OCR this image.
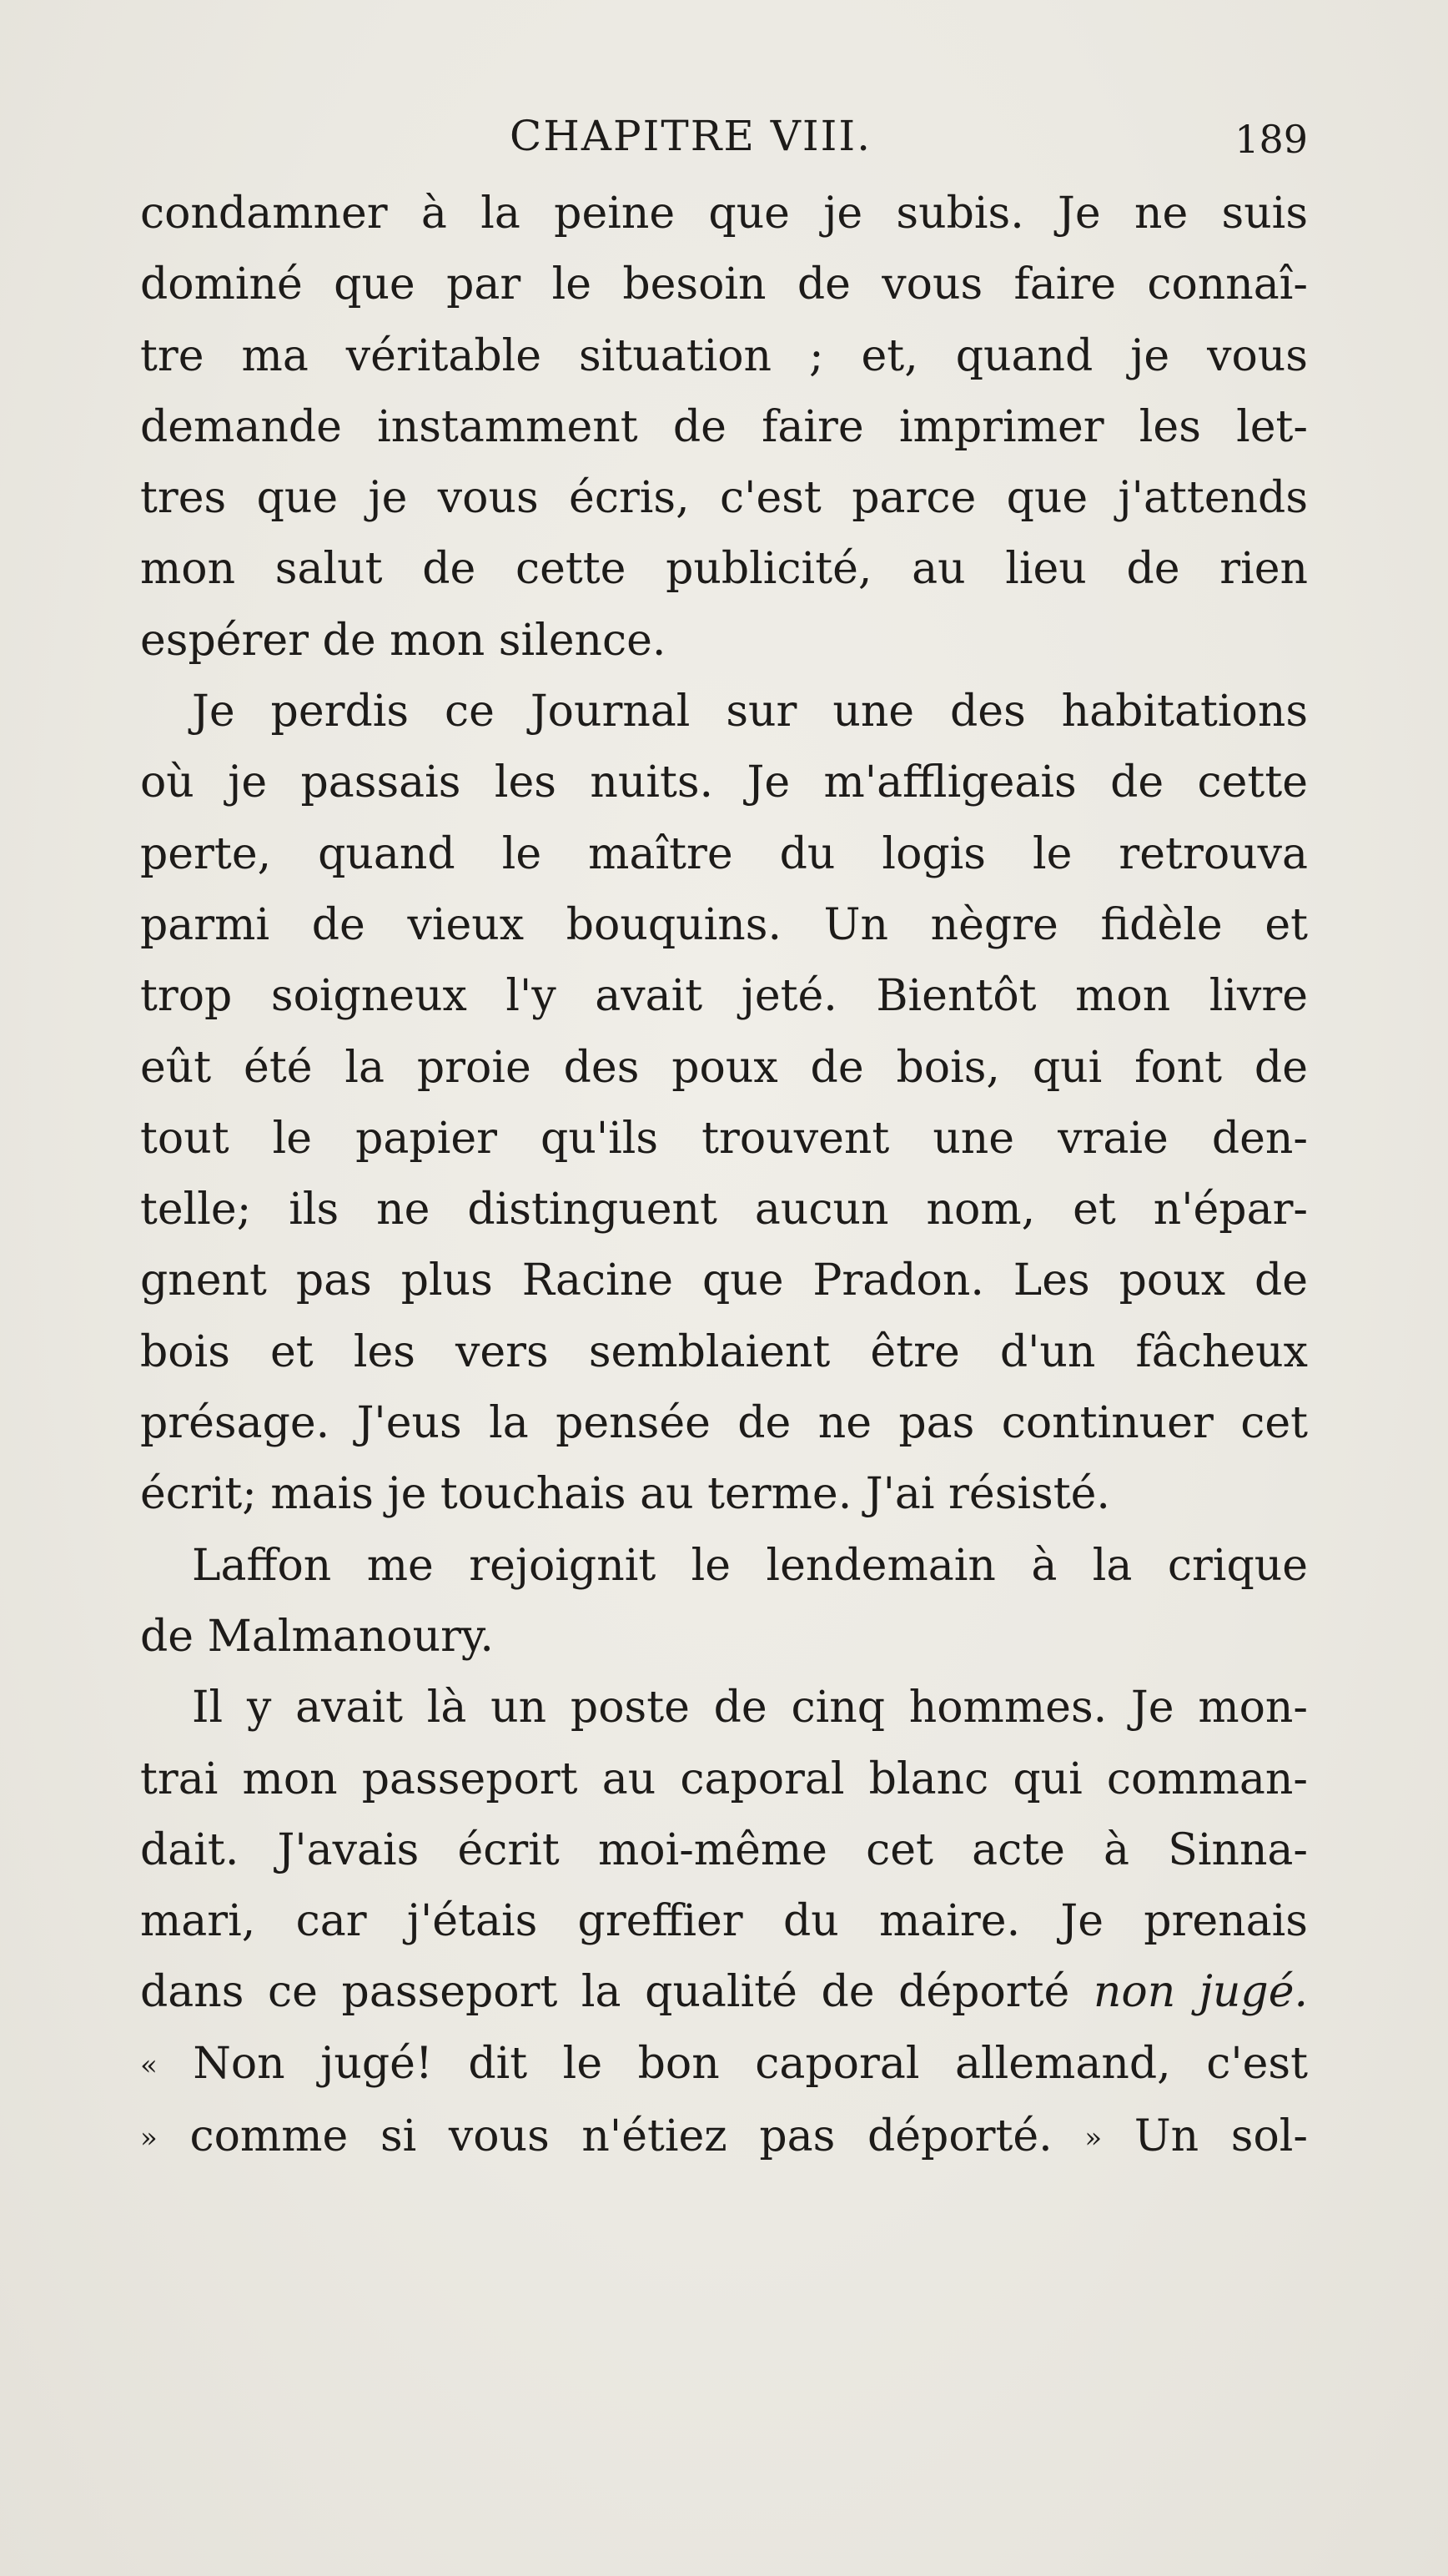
CHAPITRE VIII.	189
condamner à la peine que je subis. Je ne suis
dominé que par le besoin de vous faire connaî-
tre ma véritable situation ; et, quand je vous
demande instamment de faire imprimer les let-
tres que je vous écris, c'est parce que j'attends
mon salut de cette publicité, au lieu de rien
espérer de mon silence.
Je perdis ce Journal sur une des habitations
où je passais les nuits. Je m'affligeais de cette
perte, quand le maître du logis le retrouva
parmi de vieux bouquins. Un nègre fidèle et
trop soigneux l'y avait jeté. Bientôt mon livre
eût été la proie des poux de bois, qui font de
tout le papier qu'ils trouvent une vraie den-
telle; ils ne distinguent aucun nom, et n'épar-
gnent pas plus Racine que Pradon. Les poux de
bois et les vers semblaient être d'un fâcheux
présage. J'eus la pensée de ne pas continuer cet
écrit; mais je touchais au terme. J'ai résisté.
Laffon me rejoignit le lendemain à la crique
de Malmanoury.
Il y avait là un poste de cinq hommes. Je mon-
trai mon passeport au caporal blanc qui comman-
dait. J'avais écrit moi-même cet acte à Sinna-
mari, car j'étais greffier du maire. Je prenais
dans ce passeport la qualité de déporté non jugé.
« Non jugé! dit le bon caporal allemand, c'est
» comme si vous n'étiez pas déporté. » Un sol-
